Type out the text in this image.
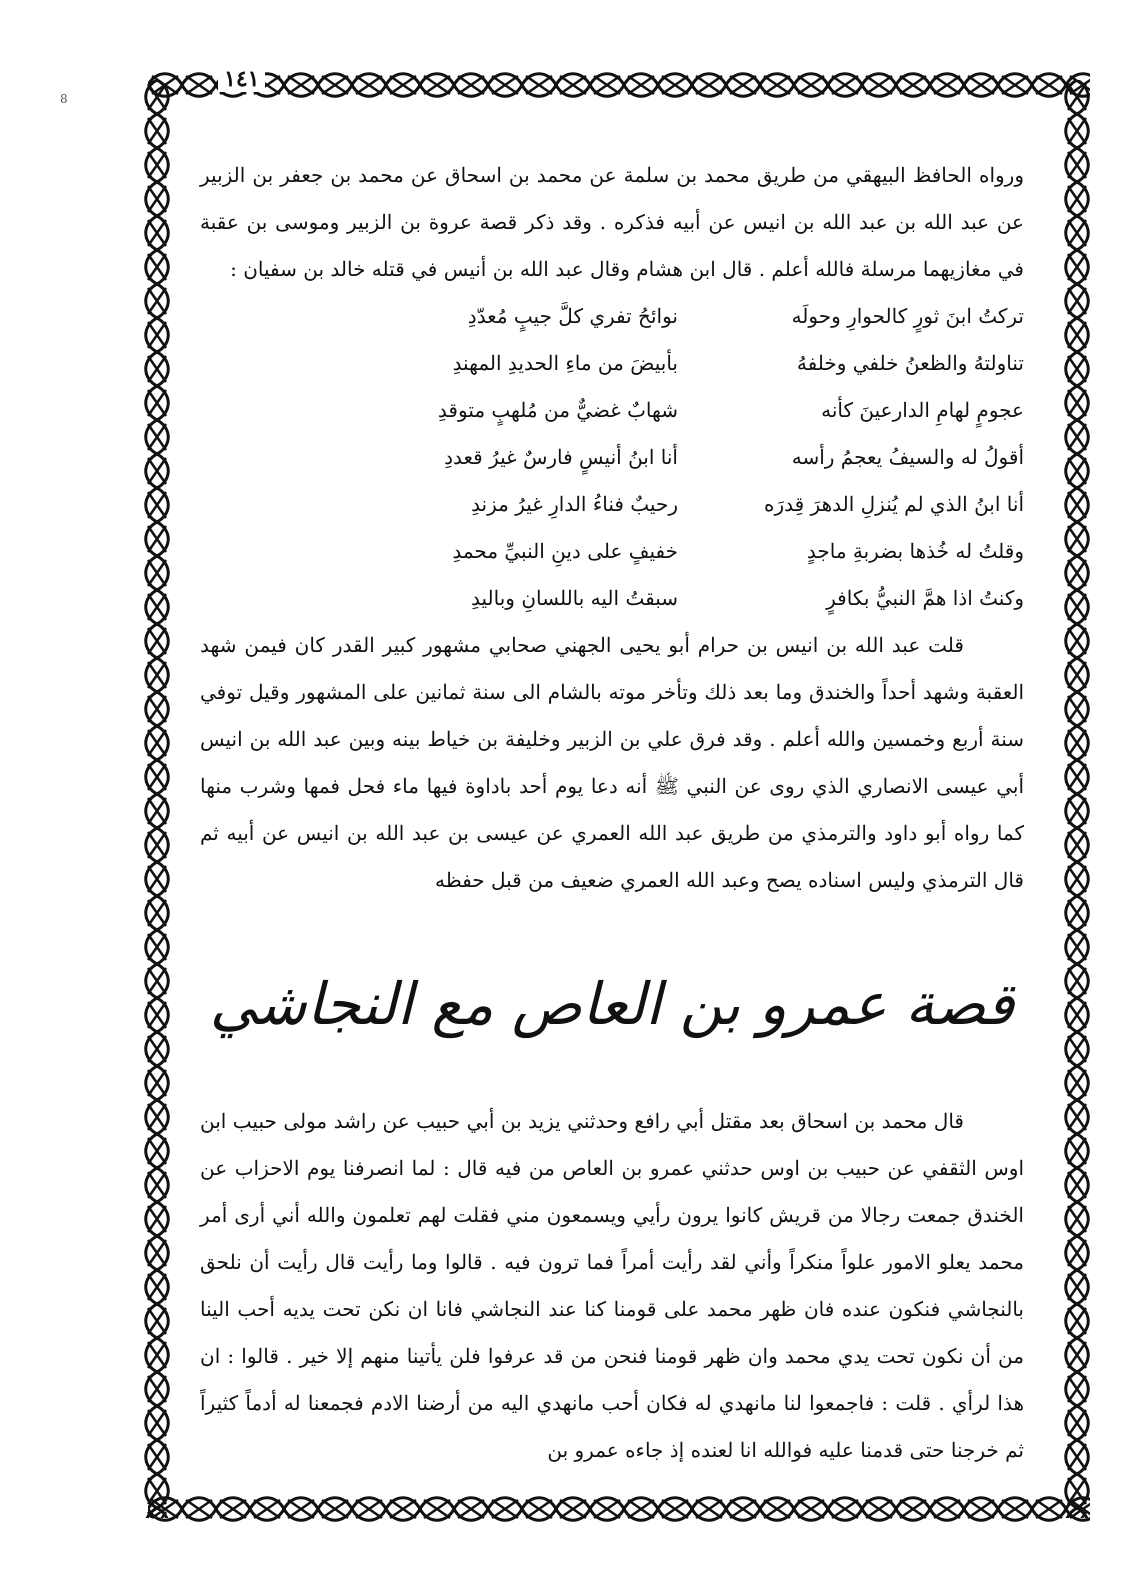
١٤١
8

ورواه الحافظ البيهقي من طريق محمد بن سلمة عن محمد بن اسحاق عن محمد بن جعفر بن الزبير عن عبد الله بن عبد الله بن انيس عن أبيه فذكره . وقد ذكر قصة عروة بن الزبير وموسى بن عقبة في مغازيهما مرسلة فالله أعلم . قال ابن هشام وقال عبد الله بن أنيس في قتله خالد بن سفيان :

تركتُ ابنَ ثورٍ كالحوارِ وحولَه
نوائحُ تفري كلَّ جيبٍ مُعدّدِ
تناولتهُ والظعنُ خلفي وخلفهُ
بأبيضَ من ماءِ الحديدِ المهندِ
عجومٍ لهامِ الدارعينَ كأنه
شهابٌ غضيٌّ من مُلهبٍ متوقدِ
أقولُ له والسيفُ يعجمُ رأسه
أنا ابنُ أنيسٍ فارسٌ غيرُ قعددِ
أنا ابنُ الذي لم يُنزلِ الدهرَ قِدرَه
رحيبٌ فناءُ الدارِ غيرُ مزندِ
وقلتُ له خُذها بضربةِ ماجدٍ
خفيفٍ على دينِ النبيِّ محمدِ
وكنتُ اذا همَّ النبيُّ بكافرٍ
سبقتُ اليه باللسانِ وباليدِ

قلت عبد الله بن انيس بن حرام أبو يحيى الجهني صحابي مشهور كبير القدر كان فيمن شهد العقبة وشهد أحداً والخندق وما بعد ذلك وتأخر موته بالشام الى سنة ثمانين على المشهور وقيل توفي سنة أربع وخمسين والله أعلم . وقد فرق علي بن الزبير وخليفة بن خياط بينه وبين عبد الله بن انيس أبي عيسى الانصاري الذي روى عن النبي ﷺ أنه دعا يوم أحد باداوة فيها ماء فحل فمها وشرب منها كما رواه أبو داود والترمذي من طريق عبد الله العمري عن عيسى بن عبد الله بن انيس عن أبيه ثم قال الترمذي وليس اسناده يصح وعبد الله العمري ضعيف من قبل حفظه

قصة عمرو بن العاص مع النجاشي

قال محمد بن اسحاق بعد مقتل أبي رافع وحدثني يزيد بن أبي حبيب عن راشد مولى حبيب ابن اوس الثقفي عن حبيب بن اوس حدثني عمرو بن العاص من فيه قال : لما انصرفنا يوم الاحزاب عن الخندق جمعت رجالا من قريش كانوا يرون رأيي ويسمعون مني فقلت لهم تعلمون والله أني أرى أمر محمد يعلو الامور علواً منكراً وأني لقد رأيت أمراً فما ترون فيه . قالوا وما رأيت قال رأيت أن نلحق بالنجاشي فنكون عنده فان ظهر محمد على قومنا كنا عند النجاشي فانا ان نكن تحت يديه أحب الينا من أن نكون تحت يدي محمد وان ظهر قومنا فنحن من قد عرفوا فلن يأتينا منهم إلا خير . قالوا : ان هذا لرأي . قلت : فاجمعوا لنا مانهدي له فكان أحب مانهدي اليه من أرضنا الادم فجمعنا له أدماً كثيراً ثم خرجنا حتى قدمنا عليه فوالله انا لعنده إذ جاءه عمرو بن
